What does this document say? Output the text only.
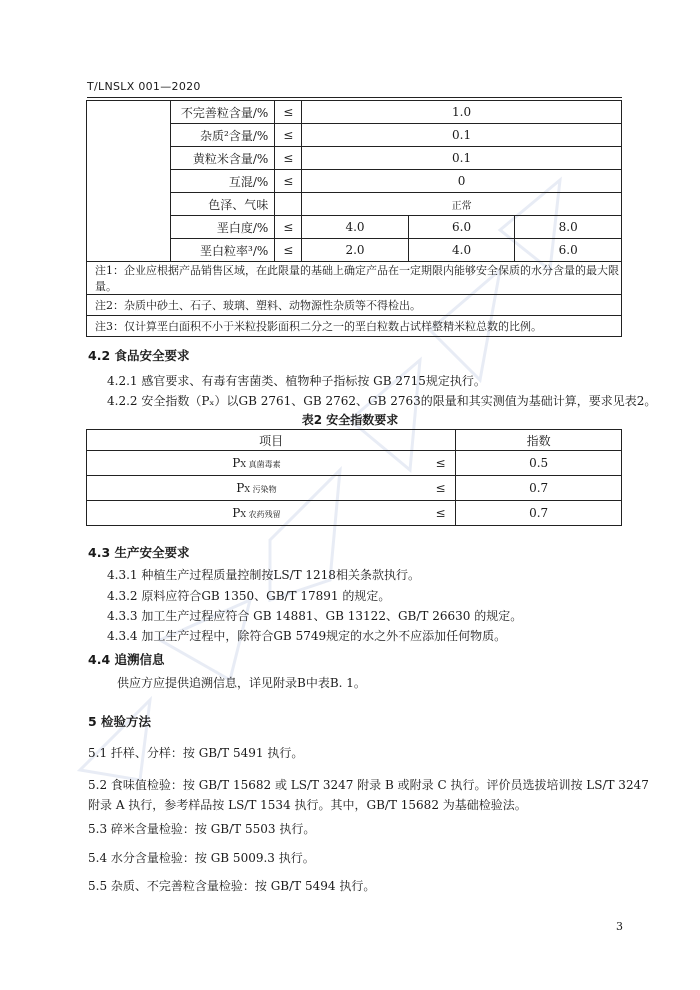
T/LNSLX 001—2020
	不完善粒含量/%	≤	1.0		
	杂质²含量/%	≤	0.1		
	黄粒米含量/%	≤	0.1		
	互混/%	≤	0		
	色泽、气味		正常		
	垩白度/%	≤	4.0	6.0	8.0
	垩白粒率³/%	≤	2.0	4.0	6.0
注1：企业应根据产品销售区域，在此限量的基础上确定产品在一定期限内能够安全保质的水分含量的最大限量。					
注2：杂质中砂土、石子、玻璃、塑料、动物源性杂质等不得检出。					
注3：仅计算垩白面积不小于米粒投影面积二分之一的垩白粒数占试样整精米粒总数的比例。					
4.2 食品安全要求
4.2.1 感官要求、有毒有害菌类、植物种子指标按 GB 2715规定执行。
4.2.2 安全指数（Pₓ）以GB 2761、GB 2762、GB 2763的限量和其实测值为基础计算，要求见表2。
表2 安全指数要求
项目		指数
PX 真菌毒素	≤	0.5
PX 污染物	≤	0.7
PX 农药残留	≤	0.7
4.3 生产安全要求
4.3.1 种植生产过程质量控制按LS/T 1218相关条款执行。
4.3.2 原料应符合GB 1350、GB/T 17891 的规定。
4.3.3 加工生产过程应符合 GB 14881、GB 13122、GB/T 26630 的规定。
4.3.4 加工生产过程中，除符合GB 5749规定的水之外不应添加任何物质。
4.4 追溯信息
供应方应提供追溯信息，详见附录B中表B. 1。
5 检验方法
5.1 扦样、分样：按 GB/T 5491 执行。
5.2 食味值检验：按 GB/T 15682 或 LS/T 3247 附录 B 或附录 C 执行。评价员选拔培训按 LS/T 3247
附录 A 执行，参考样品按 LS/T 1534 执行。其中，GB/T 15682 为基础检验法。
5.3 碎米含量检验：按 GB/T 5503 执行。
5.4 水分含量检验：按 GB 5009.3 执行。
5.5 杂质、不完善粒含量检验：按 GB/T 5494 执行。
3
